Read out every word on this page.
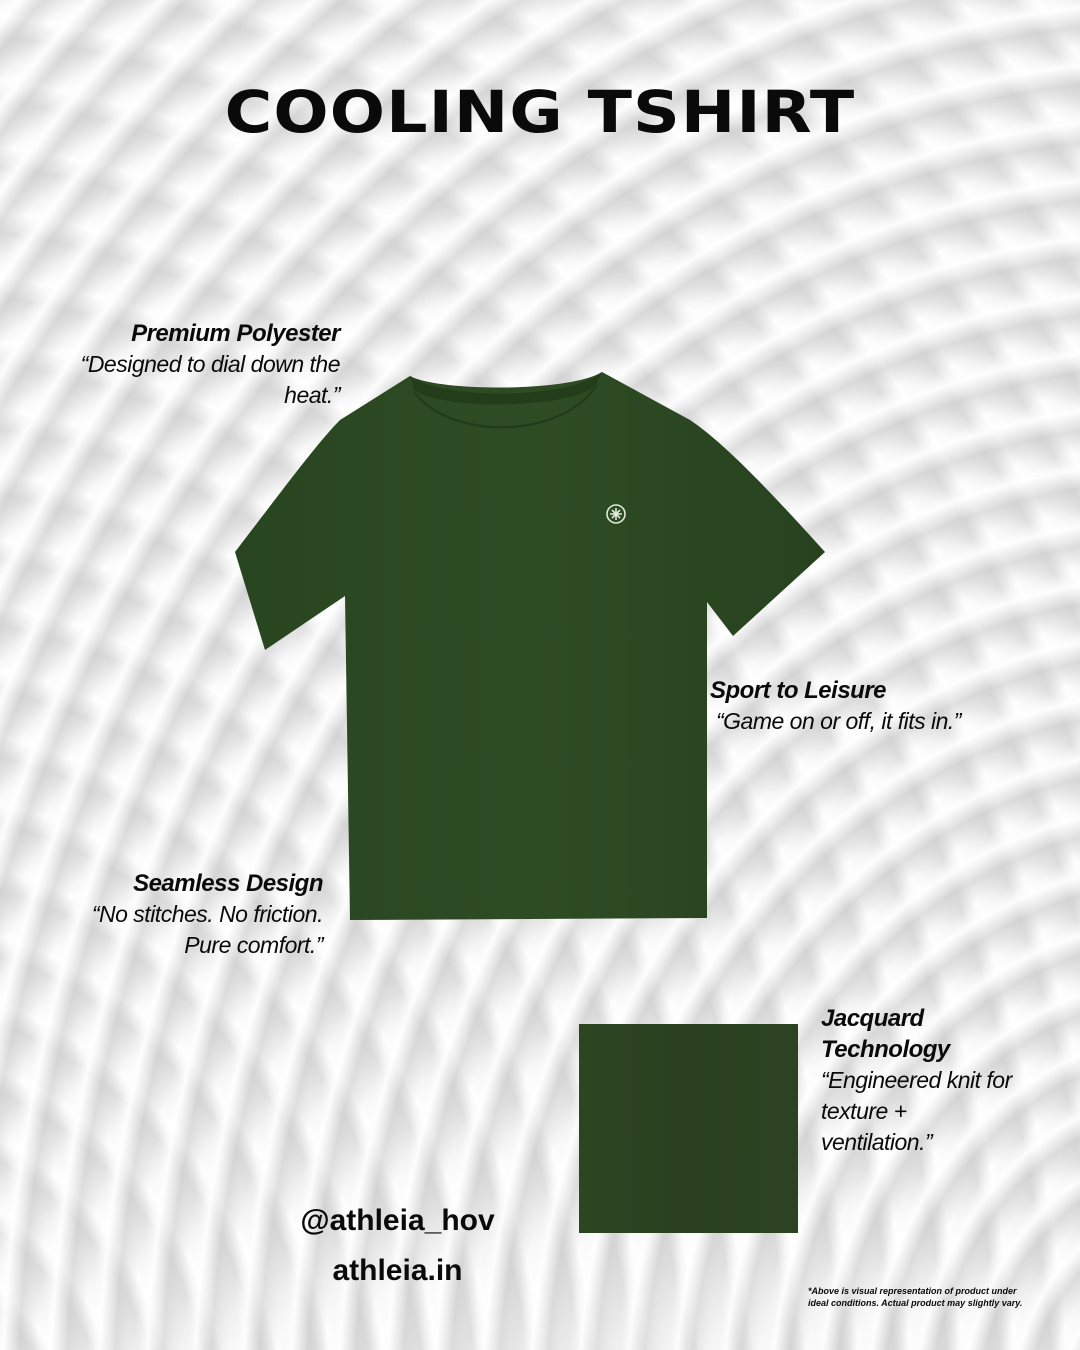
COOLING TSHIRT
Premium Polyester
“Designed to dial down the heat.”
Sport to Leisure
“Game on or off, it fits in.”
Seamless Design
“No stitches. No friction. Pure comfort.”
Jacquard Technology
“Engineered knit for texture + ventilation.”
@athleia_hov
athleia.in
*Above is visual representation of product under ideal conditions. Actual product may slightly vary.
